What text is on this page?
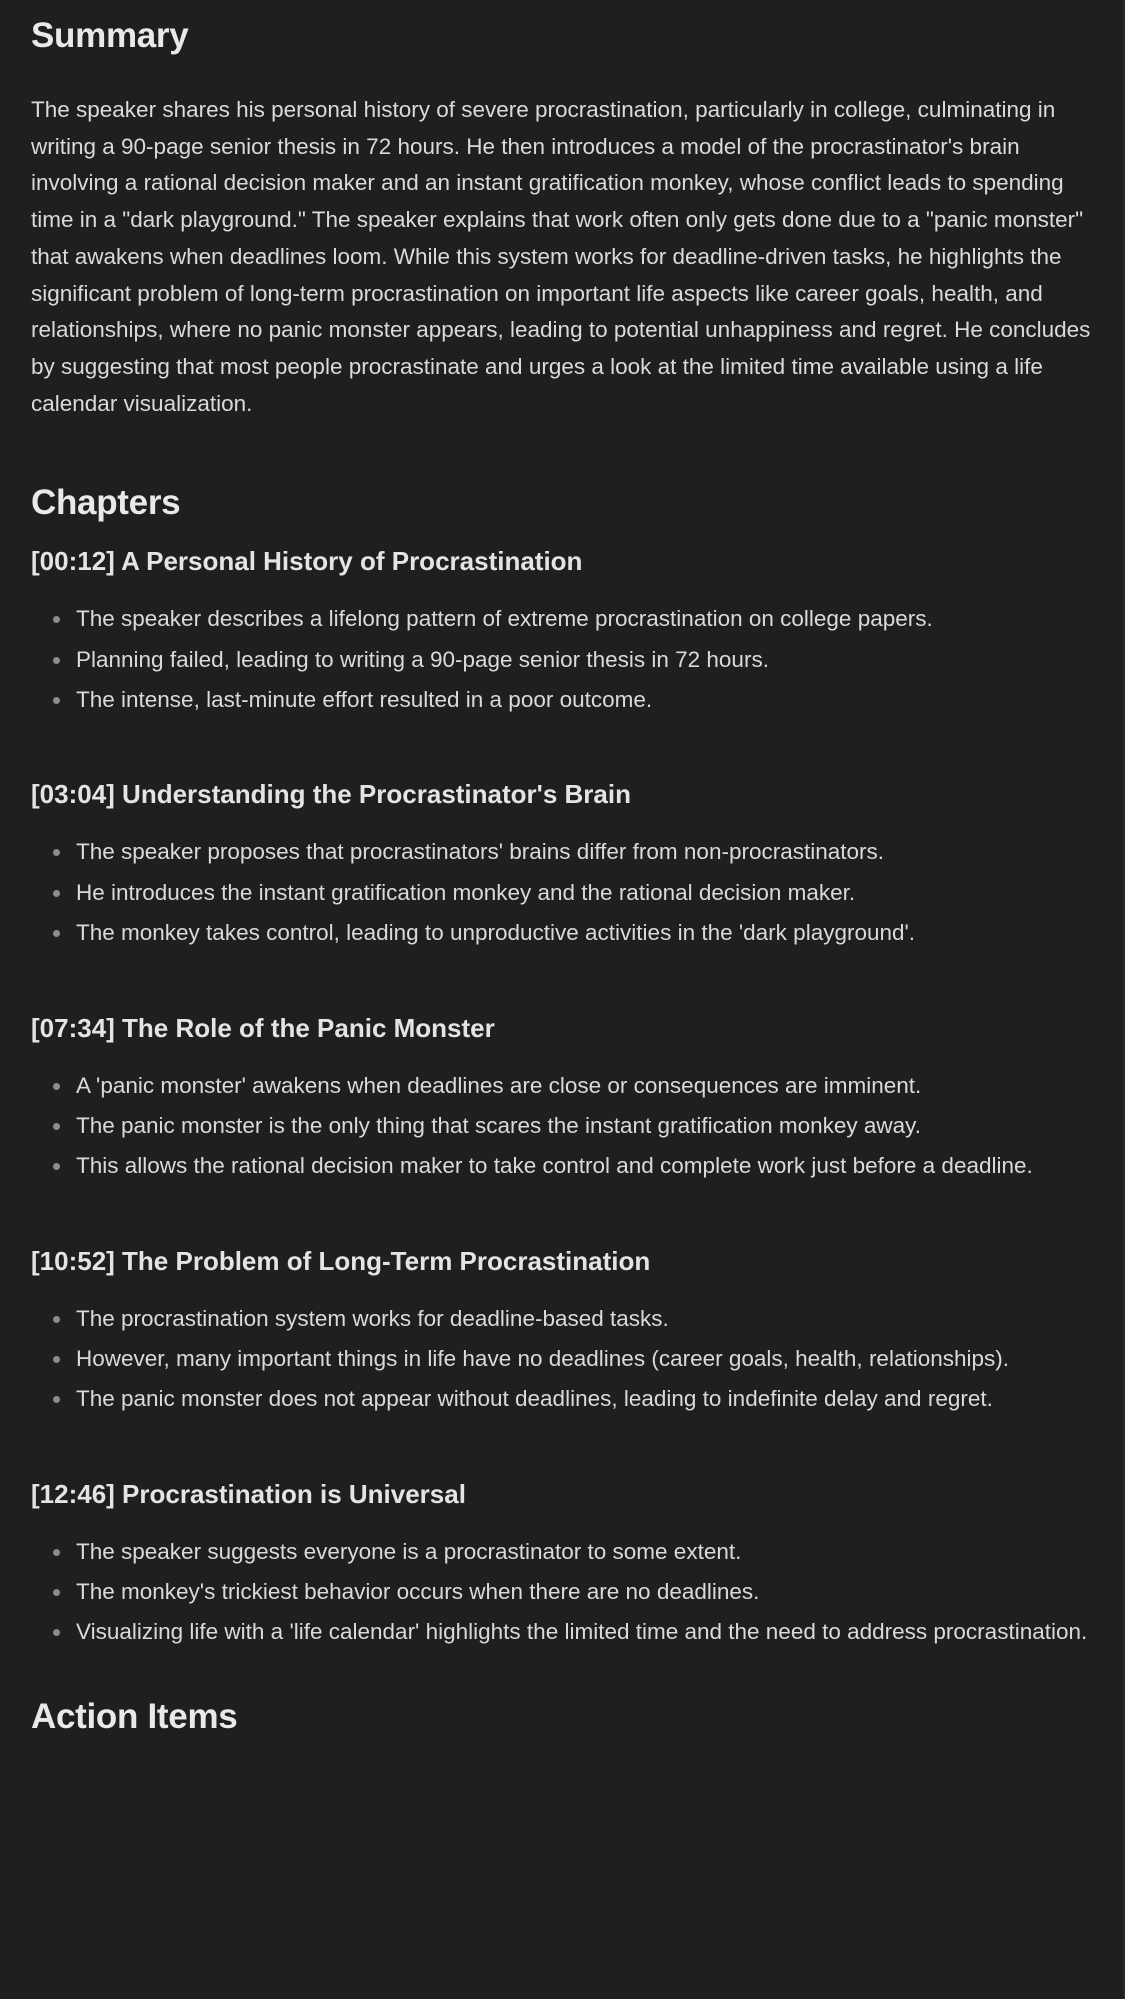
Summary

The speaker shares his personal history of severe procrastination, particularly in college, culminating in writing a 90-page senior thesis in 72 hours. He then introduces a model of the procrastinator's brain involving a rational decision maker and an instant gratification monkey, whose conflict leads to spending time in a "dark playground." The speaker explains that work often only gets done due to a "panic monster" that awakens when deadlines loom. While this system works for deadline-driven tasks, he highlights the significant problem of long-term procrastination on important life aspects like career goals, health, and relationships, where no panic monster appears, leading to potential unhappiness and regret. He concludes by suggesting that most people procrastinate and urges a look at the limited time available using a life calendar visualization.

Chapters
[00:12] A Personal History of Procrastination
The speaker describes a lifelong pattern of extreme procrastination on college papers.
Planning failed, leading to writing a 90-page senior thesis in 72 hours.
The intense, last-minute effort resulted in a poor outcome.
[03:04] Understanding the Procrastinator's Brain
The speaker proposes that procrastinators' brains differ from non-procrastinators.
He introduces the instant gratification monkey and the rational decision maker.
The monkey takes control, leading to unproductive activities in the 'dark playground'.
[07:34] The Role of the Panic Monster
A 'panic monster' awakens when deadlines are close or consequences are imminent.
The panic monster is the only thing that scares the instant gratification monkey away.
This allows the rational decision maker to take control and complete work just before a deadline.
[10:52] The Problem of Long-Term Procrastination
The procrastination system works for deadline-based tasks.
However, many important things in life have no deadlines (career goals, health, relationships).
The panic monster does not appear without deadlines, leading to indefinite delay and regret.
[12:46] Procrastination is Universal
The speaker suggests everyone is a procrastinator to some extent.
The monkey's trickiest behavior occurs when there are no deadlines.
Visualizing life with a 'life calendar' highlights the limited time and the need to address procrastination.
Action Items
